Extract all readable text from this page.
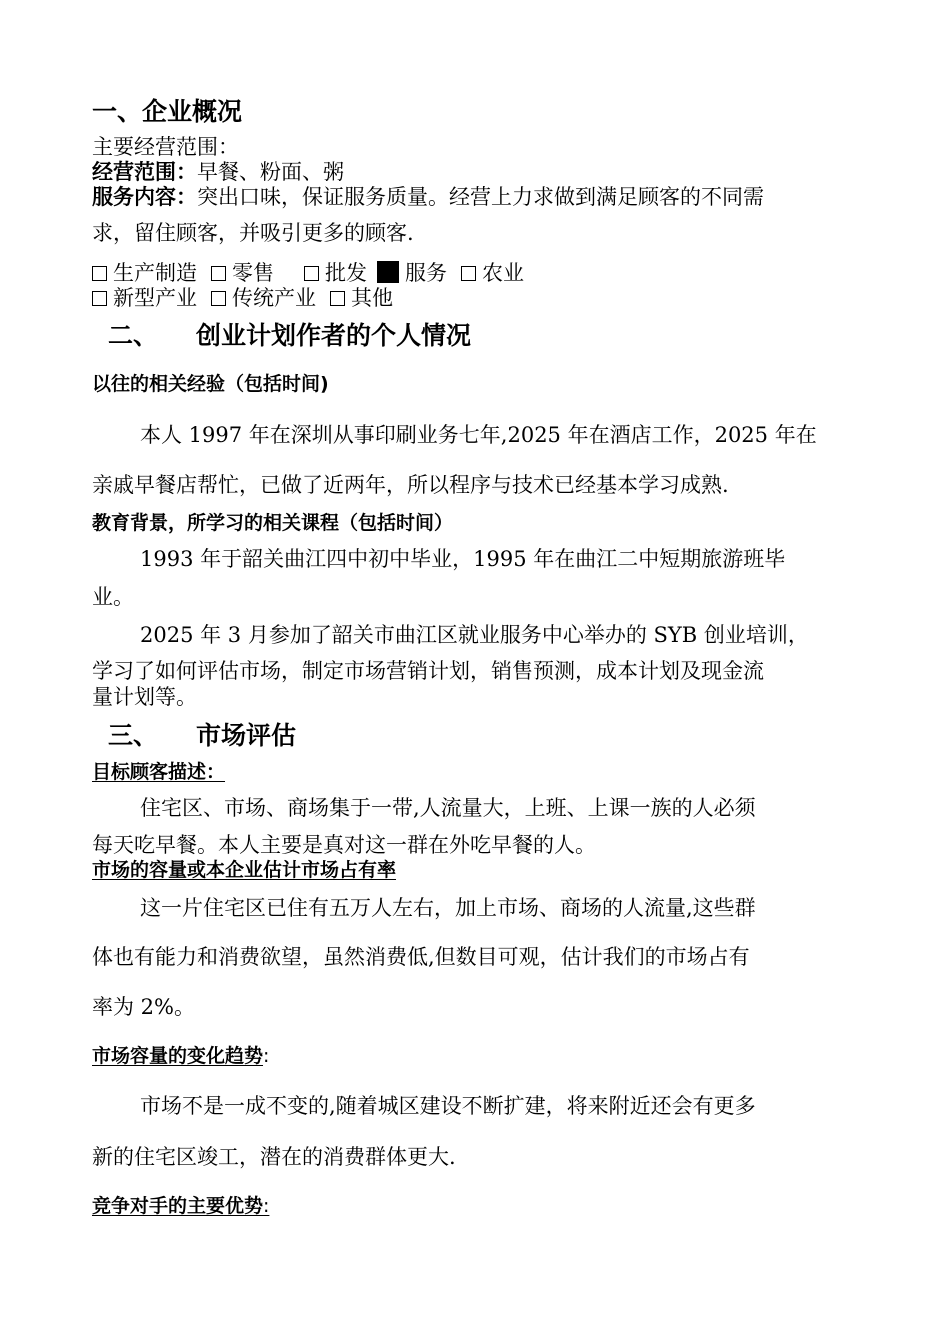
一、企业概况
主要经营范围：
经营范围：早餐、粉面、粥
服务内容：突出口味，保证服务质量。经营上力求做到满足顾客的不同需
求，留住顾客，并吸引更多的顾客.
生产制造 零售 批发 服务 农业
新型产业 传统产业 其他
二、 创业计划作者的个人情况
以往的相关经验（包括时间)
本人 1997 年在深圳从事印刷业务七年,2025 年在酒店工作，2025 年在
亲戚早餐店帮忙，已做了近两年，所以程序与技术已经基本学习成熟.
教育背景，所学习的相关课程（包括时间）
1993 年于韶关曲江四中初中毕业，1995 年在曲江二中短期旅游班毕
业。
2025 年 3 月参加了韶关市曲江区就业服务中心举办的 SYB 创业培训，
学习了如何评估市场，制定市场营销计划，销售预测，成本计划及现金流
量计划等。
三、 市场评估
目标顾客描述：
住宅区、市场、商场集于一带,人流量大，上班、上课一族的人必须
每天吃早餐。本人主要是真对这一群在外吃早餐的人。
市场的容量或本企业估计市场占有率
这一片住宅区已住有五万人左右，加上市场、商场的人流量,这些群
体也有能力和消费欲望，虽然消费低,但数目可观，估计我们的市场占有
率为 2%。
市场容量的变化趋势:
市场不是一成不变的,随着城区建设不断扩建，将来附近还会有更多
新的住宅区竣工，潜在的消费群体更大.
竞争对手的主要优势:
